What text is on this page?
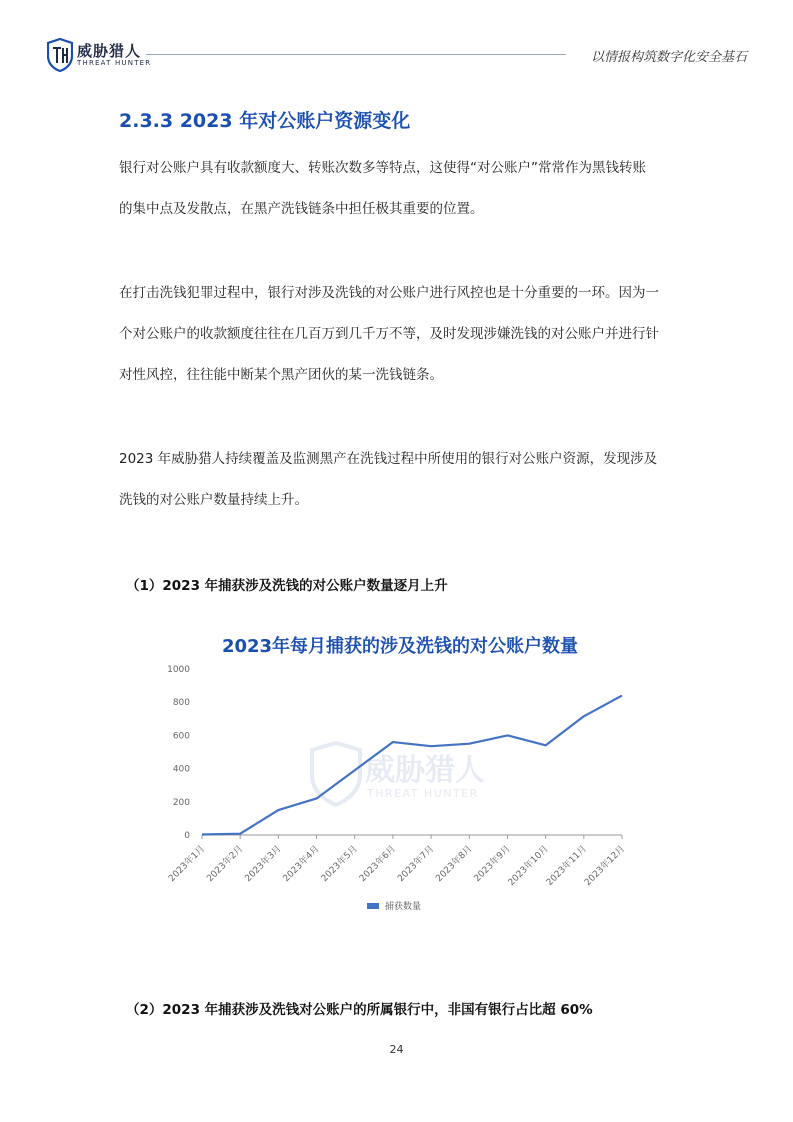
威胁猎人
THREAT HUNTER	以情报构筑数字化安全基石
2.3.3 2023 年对公账户资源变化
银行对公账户具有收款额度大、转账次数多等特点，这使得“对公账户”常常作为黑钱转账
的集中点及发散点，在黑产洗钱链条中担任极其重要的位置。
在打击洗钱犯罪过程中，银行对涉及洗钱的对公账户进行风控也是十分重要的一环。因为一
个对公账户的收款额度往往在几百万到几千万不等，及时发现涉嫌洗钱的对公账户并进行针
对性风控，往往能中断某个黑产团伙的某一洗钱链条。
2023 年威胁猎人持续覆盖及监测黑产在洗钱过程中所使用的银行对公账户资源，发现涉及
洗钱的对公账户数量持续上升。
（1）2023 年捕获涉及洗钱的对公账户数量逐月上升
2023年每月捕获的涉及洗钱的对公账户数量
威胁猎人
THREAT HUNTER
0
200
400
600
800
1000
2023年1月
2023年2月
2023年3月
2023年4月
2023年5月
2023年6月
2023年7月
2023年8月
2023年9月
2023年10月
2023年11月
2023年12月
捕获数量
（2）2023 年捕获涉及洗钱对公账户的所属银行中，非国有银行占比超 60%
24
